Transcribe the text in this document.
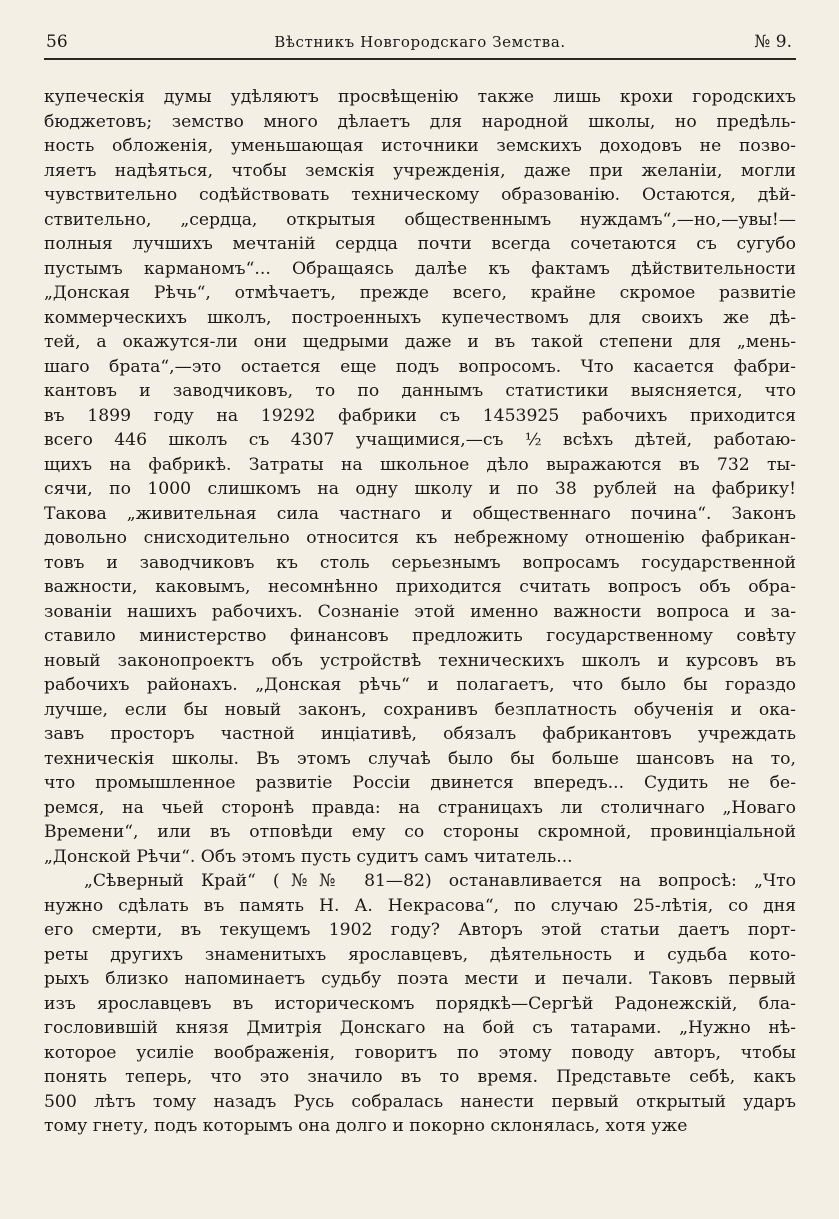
56	Вѣстникъ Новгородскаго Земства.	№ 9.
купеческія думы удѣляютъ просвѣщенію также лишь крохи городскихъ
бюджетовъ; земство много дѣлаетъ для народной школы, но предѣль-
ность обложенія, уменьшающая источники земскихъ доходовъ не позво-
ляетъ надѣяться, чтобы земскія учрежденія, даже при желаніи, могли
чувствительно содѣйствовать техническому образованію. Остаются, дѣй-
ствительно, „сердца, открытыя общественнымъ нуждамъ“,—но,—увы!—
полныя лучшихъ мечтаній сердца почти всегда сочетаются съ сугубо
пустымъ карманомъ“... Обращаясь далѣе къ фактамъ дѣйствительности
„Донская Рѣчь“, отмѣчаетъ, прежде всего, крайне скромое развитіе
коммерческихъ школъ, построенныхъ купечествомъ для своихъ же дѣ-
тей, а окажутся-ли они щедрыми даже и въ такой степени для „мень-
шаго брата“,—это остается еще подъ вопросомъ. Что касается фабри-
кантовъ и заводчиковъ, то по даннымъ статистики выясняется, что
въ 1899 году на 19292 фабрики съ 1453925 рабочихъ приходится
всего 446 школъ съ 4307 учащимися,—съ ½ всѣхъ дѣтей, работаю-
щихъ на фабрикѣ. Затраты на школьное дѣло выражаются въ 732 ты-
сячи, по 1000 слишкомъ на одну школу и по 38 рублей на фабрику!
Такова „живительная сила частнаго и общественнаго почина“. Законъ
довольно снисходительно относится къ небрежному отношенію фабрикан-
товъ и заводчиковъ къ столь серьезнымъ вопросамъ государственной
важности, каковымъ, несомнѣнно приходится считать вопросъ объ обра-
зованіи нашихъ рабочихъ. Сознаніе этой именно важности вопроса и за-
ставило министерство финансовъ предложить государственному совѣту
новый законопроектъ объ устройствѣ техническихъ школъ и курсовъ въ
рабочихъ районахъ. „Донская рѣчь“ и полагаетъ, что было бы гораздо
лучше, если бы новый законъ, сохранивъ безплатность обученія и ока-
завъ просторъ частной инціативѣ, обязалъ фабрикантовъ учреждать
техническія школы. Въ этомъ случаѣ было бы больше шансовъ на то,
что промышленное развитіе Россіи двинется впередъ... Судить не бе-
ремся, на чьей сторонѣ правда: на страницахъ ли столичнаго „Новаго
Времени“, или въ отповѣди ему со стороны скромной, провинціальной
„Донской Рѣчи“. Объ этомъ пусть судитъ самъ читатель...
„Сѣверный Край“ (№№ 81—82) останавливается на вопросѣ: „Что
нужно сдѣлать въ память Н. А. Некрасова“, по случаю 25-лѣтія, со дня
его смерти, въ текущемъ 1902 году? Авторъ этой статьи даетъ порт-
реты другихъ знаменитыхъ ярославцевъ, дѣятельность и судьба кото-
рыхъ близко напоминаетъ судьбу поэта мести и печали. Таковъ первый
изъ ярославцевъ въ историческомъ порядкѣ—Сергѣй Радонежскій, бла-
гословившій князя Дмитрія Донскаго на бой съ татарами. „Нужно нѣ-
которое усиліе воображенія, говоритъ по этому поводу авторъ, чтобы
понять теперь, что это значило въ то время. Представьте себѣ, какъ
500 лѣтъ тому назадъ Русь собралась нанести первый открытый ударъ
тому гнету, подъ которымъ она долго и покорно склонялась, хотя уже
